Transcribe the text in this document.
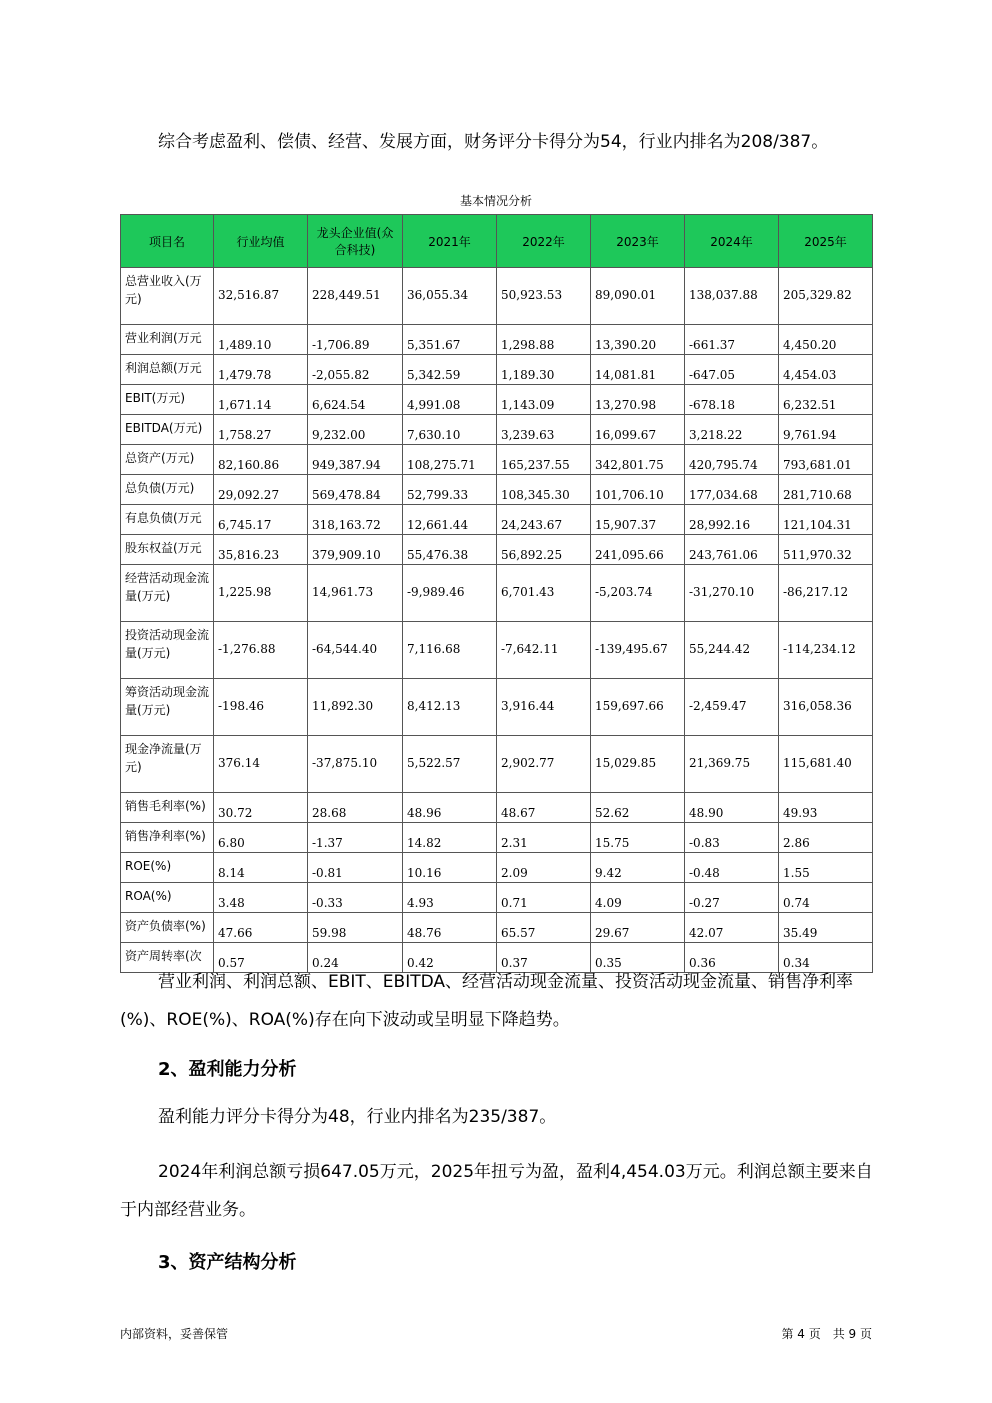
综合考虑盈利、偿债、经营、发展方面，财务评分卡得分为54，行业内排名为208/387。

基本情况分析
项目名	行业均值	龙头企业值(众合科技)	2021年	2022年	2023年	2024年	2025年
总营业收入(万元)	32,516.87	228,449.51	36,055.34	50,923.53	89,090.01	138,037.88	205,329.82
营业利润(万元	1,489.10	-1,706.89	5,351.67	1,298.88	13,390.20	-661.37	4,450.20
利润总额(万元	1,479.78	-2,055.82	5,342.59	1,189.30	14,081.81	-647.05	4,454.03
EBIT(万元)	1,671.14	6,624.54	4,991.08	1,143.09	13,270.98	-678.18	6,232.51
EBITDA(万元)	1,758.27	9,232.00	7,630.10	3,239.63	16,099.67	3,218.22	9,761.94
总资产(万元)	82,160.86	949,387.94	108,275.71	165,237.55	342,801.75	420,795.74	793,681.01
总负债(万元)	29,092.27	569,478.84	52,799.33	108,345.30	101,706.10	177,034.68	281,710.68
有息负债(万元	6,745.17	318,163.72	12,661.44	24,243.67	15,907.37	28,992.16	121,104.31
股东权益(万元	35,816.23	379,909.10	55,476.38	56,892.25	241,095.66	243,761.06	511,970.32
经营活动现金流量(万元)	1,225.98	14,961.73	-9,989.46	6,701.43	-5,203.74	-31,270.10	-86,217.12
投资活动现金流量(万元)	-1,276.88	-64,544.40	7,116.68	-7,642.11	-139,495.67	55,244.42	-114,234.12
筹资活动现金流量(万元)	-198.46	11,892.30	8,412.13	3,916.44	159,697.66	-2,459.47	316,058.36
现金净流量(万元)	376.14	-37,875.10	5,522.57	2,902.77	15,029.85	21,369.75	115,681.40
销售毛利率(%)	30.72	28.68	48.96	48.67	52.62	48.90	49.93
销售净利率(%)	6.80	-1.37	14.82	2.31	15.75	-0.83	2.86
ROE(%)	8.14	-0.81	10.16	2.09	9.42	-0.48	1.55
ROA(%)	3.48	-0.33	4.93	0.71	4.09	-0.27	0.74
资产负债率(%)	47.66	59.98	48.76	65.57	29.67	42.07	35.49
资产周转率(次	0.57	0.24	0.42	0.37	0.35	0.36	0.34

营业利润、利润总额、EBIT、EBITDA、经营活动现金流量、投资活动现金流量、销售净利率(%)、ROE(%)、ROA(%)存在向下波动或呈明显下降趋势。

2、盈利能力分析

盈利能力评分卡得分为48，行业内排名为235/387。

2024年利润总额亏损647.05万元，2025年扭亏为盈，盈利4,454.03万元。利润总额主要来自于内部经营业务。

3、资产结构分析
内部资料，妥善保管	第 4 页　共 9 页
